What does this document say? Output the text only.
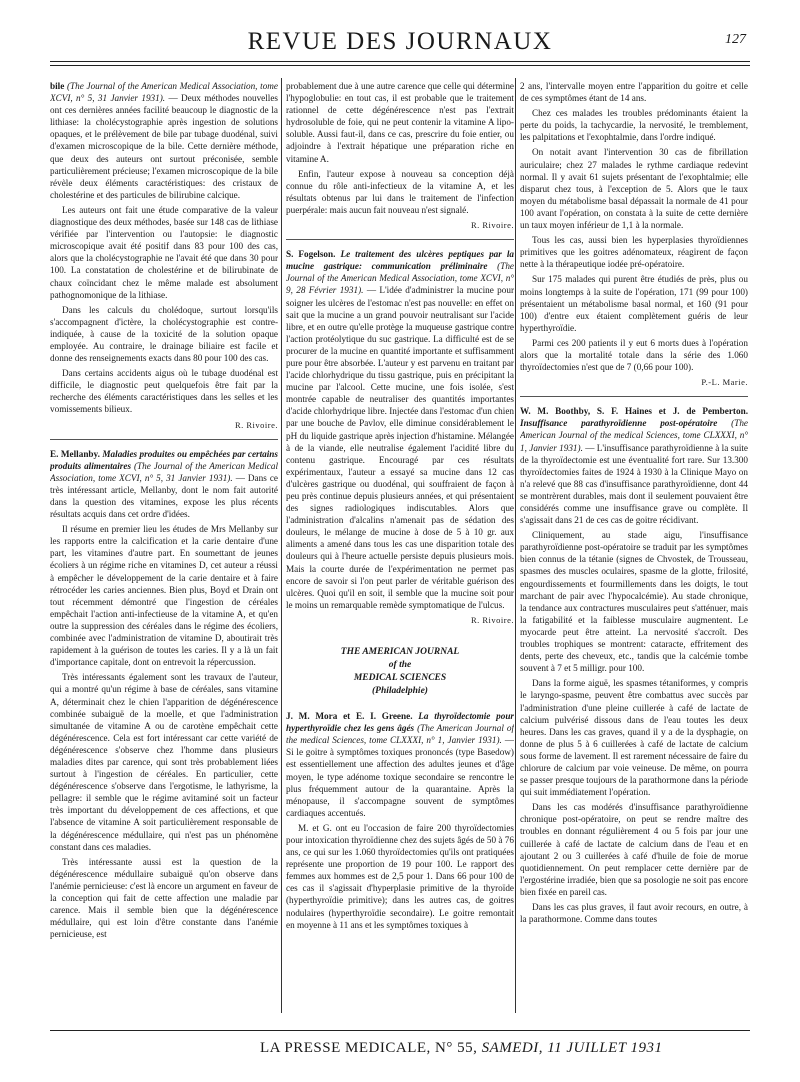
REVUE DES JOURNAUX	127

bile (The Journal of the American Medical Association, tome XCVI, n° 5, 31 Janvier 1931). — Deux méthodes nouvelles ont ces dernières années facilité beaucoup le diagnostic de la lithiase: la cholécystographie après ingestion de solutions opaques, et le prélèvement de bile par tubage duodénal, suivi d'examen microscopique de la bile. Cette dernière méthode, que deux des auteurs ont surtout préconisée, semble particulièrement précieuse; l'examen microscopique de la bile révèle deux éléments caractéristiques: des cristaux de cholestérine et des particules de bilirubine calcique.

Les auteurs ont fait une étude comparative de la valeur diagnostique des deux méthodes, basée sur 148 cas de lithiase vérifiée par l'intervention ou l'autopsie: le diagnostic microscopique avait été positif dans 83 pour 100 des cas, alors que la cholécystographie ne l'avait été que dans 30 pour 100. La constatation de cholestérine et de bilirubinate de chaux coïncidant chez le même malade est absolument pathognomonique de la lithiase.

Dans les calculs du cholédoque, surtout lorsqu'ils s'accompagnent d'ictère, la cholécystographie est contre-indiquée, à cause de la toxicité de la solution opaque employée. Au contraire, le drainage biliaire est facile et donne des renseignements exacts dans 80 pour 100 des cas.

Dans certains accidents aigus où le tubage duodénal est difficile, le diagnostic peut quelquefois être fait par la recherche des éléments caractéristiques dans les selles et les vomissements bilieux.

R. Rivoire.

E. Mellanby. Maladies produites ou empêchées par certains produits alimentaires (The Journal of the American Medical Association, tome XCVI, n° 5, 31 Janvier 1931). — Dans ce très intéressant article, Mellanby, dont le nom fait autorité dans la question des vitamines, expose les plus récents résultats acquis dans cet ordre d'idées.

Il résume en premier lieu les études de Mrs Mellanby sur les rapports entre la calcification et la carie dentaire d'une part, les vitamines d'autre part. En soumettant de jeunes écoliers à un régime riche en vitamines D, cet auteur a réussi à empêcher le développement de la carie dentaire et à faire rétrocéder les caries anciennes. Bien plus, Boyd et Drain ont tout récemment démontré que l'ingestion de céréales empêchait l'action anti-infectieuse de la vitamine A, et qu'en outre la suppression des céréales dans le régime des écoliers, combinée avec l'administration de vitamine D, aboutirait très rapidement à la guérison de toutes les caries. Il y a là un fait d'importance capitale, dont on entrevoit la répercussion.

Très intéressants également sont les travaux de l'auteur, qui a montré qu'un régime à base de céréales, sans vitamine A, déterminait chez le chien l'apparition de dégénérescence combinée subaiguë de la moelle, et que l'administration simultanée de vitamine A ou de carotène empêchait cette dégénérescence. Cela est fort intéressant car cette variété de dégénérescence s'observe chez l'homme dans plusieurs maladies dites par carence, qui sont très probablement liées surtout à l'ingestion de céréales. En particulier, cette dégénérescence s'observe dans l'ergotisme, le lathyrisme, la pellagre: il semble que le régime avitaminé soit un facteur très important du développement de ces affections, et que l'absence de vitamine A soit particulièrement responsable de la dégénérescence médullaire, qui n'est pas un phénomène constant dans ces maladies.

Très intéressante aussi est la question de la dégénérescence médullaire subaiguë qu'on observe dans l'anémie pernicieuse: c'est là encore un argument en faveur de la conception qui fait de cette affection une maladie par carence. Mais il semble bien que la dégénérescence médullaire, qui est loin d'être constante dans l'anémie pernicieuse, est

probablement due à une autre carence que celle qui détermine l'hypoglobulie: en tout cas, il est probable que le traitement rationnel de cette dégénérescence n'est pas l'extrait hydrosoluble de foie, qui ne peut contenir la vitamine A lipo-soluble. Aussi faut-il, dans ce cas, prescrire du foie entier, ou adjoindre à l'extrait hépatique une préparation riche en vitamine A.

Enfin, l'auteur expose à nouveau sa conception déjà connue du rôle anti-infectieux de la vitamine A, et les résultats obtenus par lui dans le traitement de l'infection puerpérale: mais aucun fait nouveau n'est signalé.

R. Rivoire.

S. Fogelson. Le traitement des ulcères peptiques par la mucine gastrique: communication préliminaire (The Journal of the American Medical Association, tome XCVI, n° 9, 28 Février 1931). — L'idée d'administrer la mucine pour soigner les ulcères de l'estomac n'est pas nouvelle: en effet on sait que la mucine a un grand pouvoir neutralisant sur l'acide libre, et en outre qu'elle protège la muqueuse gastrique contre l'action protéolytique du suc gastrique. La difficulté est de se procurer de la mucine en quantité importante et suffisamment pure pour être absorbée. L'auteur y est parvenu en traitant par l'acide chlorhydrique du tissu gastrique, puis en précipitant la mucine par l'alcool. Cette mucine, une fois isolée, s'est montrée capable de neutraliser des quantités importantes d'acide chlorhydrique libre. Injectée dans l'estomac d'un chien par une bouche de Pavlov, elle diminue considérablement le pH du liquide gastrique après injection d'histamine. Mélangée à de la viande, elle neutralise également l'acidité libre du contenu gastrique. Encouragé par ces résultats expérimentaux, l'auteur a essayé sa mucine dans 12 cas d'ulcères gastrique ou duodénal, qui souffraient de façon à peu près continue depuis plusieurs années, et qui présentaient des signes radiologiques indiscutables. Alors que l'administration d'alcalins n'amenait pas de sédation des douleurs, le mélange de mucine à dose de 5 à 10 gr. aux aliments a amené dans tous les cas une disparition totale des douleurs qui à l'heure actuelle persiste depuis plusieurs mois. Mais la courte durée de l'expérimentation ne permet pas encore de savoir si l'on peut parler de véritable guérison des ulcères. Quoi qu'il en soit, il semble que la mucine soit pour le moins un remarquable remède symptomatique de l'ulcus.

R. Rivoire.

THE AMERICAN JOURNAL
of the
MEDICAL SCIENCES
(Philadelphie)

J. M. Mora et E. I. Greene. La thyroïdectomie pour hyperthyroïdie chez les gens âgés (The American Journal of the medical Sciences, tome CLXXXI, n° 1, Janvier 1931). — Si le goitre à symptômes toxiques prononcés (type Basedow) est essentiellement une affection des adultes jeunes et d'âge moyen, le type adénome toxique secondaire se rencontre le plus fréquemment autour de la quarantaine. Après la ménopause, il s'accompagne souvent de symptômes cardiaques accentués.

M. et G. ont eu l'occasion de faire 200 thyroïdectomies pour intoxication thyroïdienne chez des sujets âgés de 50 à 76 ans, ce qui sur les 1.060 thyroïdectomies qu'ils ont pratiquées représente une proportion de 19 pour 100. Le rapport des femmes aux hommes est de 2,5 pour 1. Dans 66 pour 100 de ces cas il s'agissait d'hyperplasie primitive de la thyroïde (hyperthyroïdie primitive); dans les autres cas, de goitres nodulaires (hyperthyroïdie secondaire). Le goitre remontait en moyenne à 11 ans et les symptômes toxiques à

2 ans, l'intervalle moyen entre l'apparition du goitre et celle de ces symptômes étant de 14 ans.

Chez ces malades les troubles prédominants étaient la perte du poids, la tachycardie, la nervosité, le tremblement, les palpitations et l'exophtalmie, dans l'ordre indiqué.

On notait avant l'intervention 30 cas de fibrillation auriculaire; chez 27 malades le rythme cardiaque redevint normal. Il y avait 61 sujets présentant de l'exophtalmie; elle disparut chez tous, à l'exception de 5. Alors que le taux moyen du métabolisme basal dépassait la normale de 41 pour 100 avant l'opération, on constata à la suite de cette dernière un taux moyen inférieur de 1,1 à la normale.

Tous les cas, aussi bien les hyperplasies thyroïdiennes primitives que les goitres adénomateux, réagirent de façon nette à la thérapeutique iodée pré-opératoire.

Sur 175 malades qui purent être étudiés de près, plus ou moins longtemps à la suite de l'opération, 171 (99 pour 100) présentaient un métabolisme basal normal, et 160 (91 pour 100) d'entre eux étaient complètement guéris de leur hyperthyroïdie.

Parmi ces 200 patients il y eut 6 morts dues à l'opération alors que la mortalité totale dans la série des 1.060 thyroïdectomies n'est que de 7 (0,66 pour 100).

P.-L. Marie.

W. M. Boothby, S. F. Haines et J. de Pemberton. Insuffisance parathyroïdienne post-opératoire (The American Journal of the medical Sciences, tome CLXXXI, n° 1, Janvier 1931). — L'insuffisance parathyroïdienne à la suite de la thyroïdectomie est une éventualité fort rare. Sur 13.300 thyroïdectomies faites de 1924 à 1930 à la Clinique Mayo on n'a relevé que 88 cas d'insuffisance parathyroïdienne, dont 44 se montrèrent durables, mais dont il seulement pouvaient être considérés comme une insuffisance grave ou complète. Il s'agissait dans 21 de ces cas de goitre récidivant.

Cliniquement, au stade aigu, l'insuffisance parathyroïdienne post-opératoire se traduit par les symptômes bien connus de la tétanie (signes de Chvostek, de Trousseau, spasmes des muscles oculaires, spasme de la glotte, frilosité, engourdissements et fourmillements dans les doigts, le tout marchant de pair avec l'hypocalcémie). Au stade chronique, la tendance aux contractures musculaires peut s'atténuer, mais la fatigabilité et la faiblesse musculaire augmentent. Le myocarde peut être atteint. La nervosité s'accroît. Des troubles trophiques se montrent: cataracte, effritement des dents, perte des cheveux, etc., tandis que la calcémie tombe souvent à 7 et 5 milligr. pour 100.

Dans la forme aiguë, les spasmes tétaniformes, y compris le laryngo-spasme, peuvent être combattus avec succès par l'administration d'une pleine cuillerée à café de lactate de calcium pulvérisé dissous dans de l'eau toutes les deux heures. Dans les cas graves, quand il y a de la dysphagie, on donne de plus 5 à 6 cuillerées à café de lactate de calcium sous forme de lavement. Il est rarement nécessaire de faire du chlorure de calcium par voie veineuse. De même, on pourra se passer presque toujours de la parathormone dans la période qui suit immédiatement l'opération.

Dans les cas modérés d'insuffisance parathyroïdienne chronique post-opératoire, on peut se rendre maître des troubles en donnant régulièrement 4 ou 5 fois par jour une cuillerée à café de lactate de calcium dans de l'eau et en ajoutant 2 ou 3 cuillerées à café d'huile de foie de morue quotidiennement. On peut remplacer cette dernière par de l'ergostérine irradiée, bien que sa posologie ne soit pas encore bien fixée en pareil cas.

Dans les cas plus graves, il faut avoir recours, en outre, à la parathormone. Comme dans toutes

LA PRESSE MEDICALE, N° 55, SAMEDI, 11 JUILLET 1931
